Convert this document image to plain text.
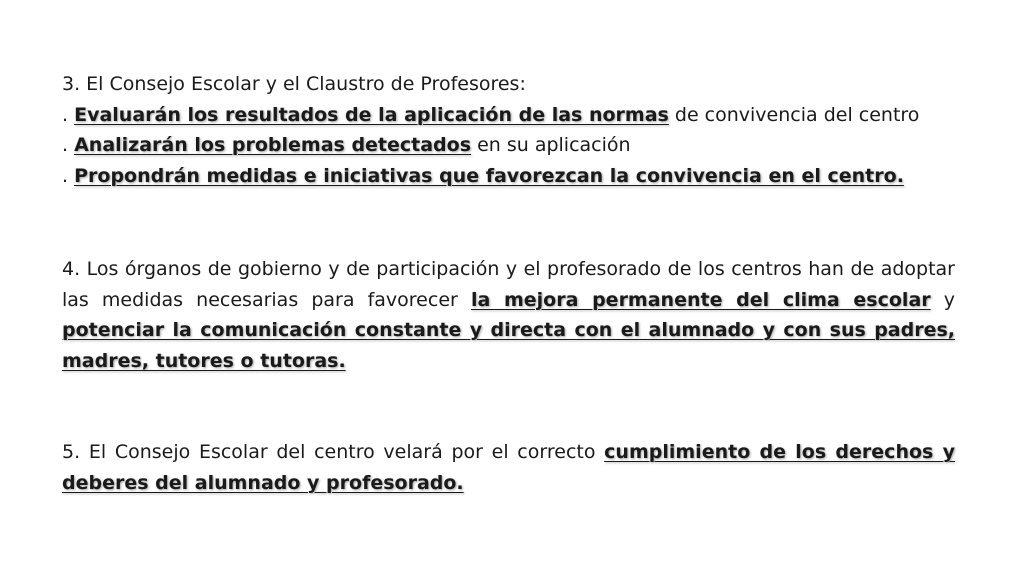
3. El Consejo Escolar y el Claustro de Profesores:
. Evaluarán los resultados de la aplicación de las normas de convivencia del centro
. Analizarán los problemas detectados en su aplicación
. Propondrán medidas e iniciativas que favorezcan la convivencia en el centro.
4. Los órganos de gobierno y de participación y el profesorado de los centros han de adoptar las medidas necesarias para favorecer la mejora permanente del clima escolar y potenciar la comunicación constante y directa con el alumnado y con sus padres, madres, tutores o tutoras.
5. El Consejo Escolar del centro velará por el correcto cumplimiento de los derechos y deberes del alumnado y profesorado.
